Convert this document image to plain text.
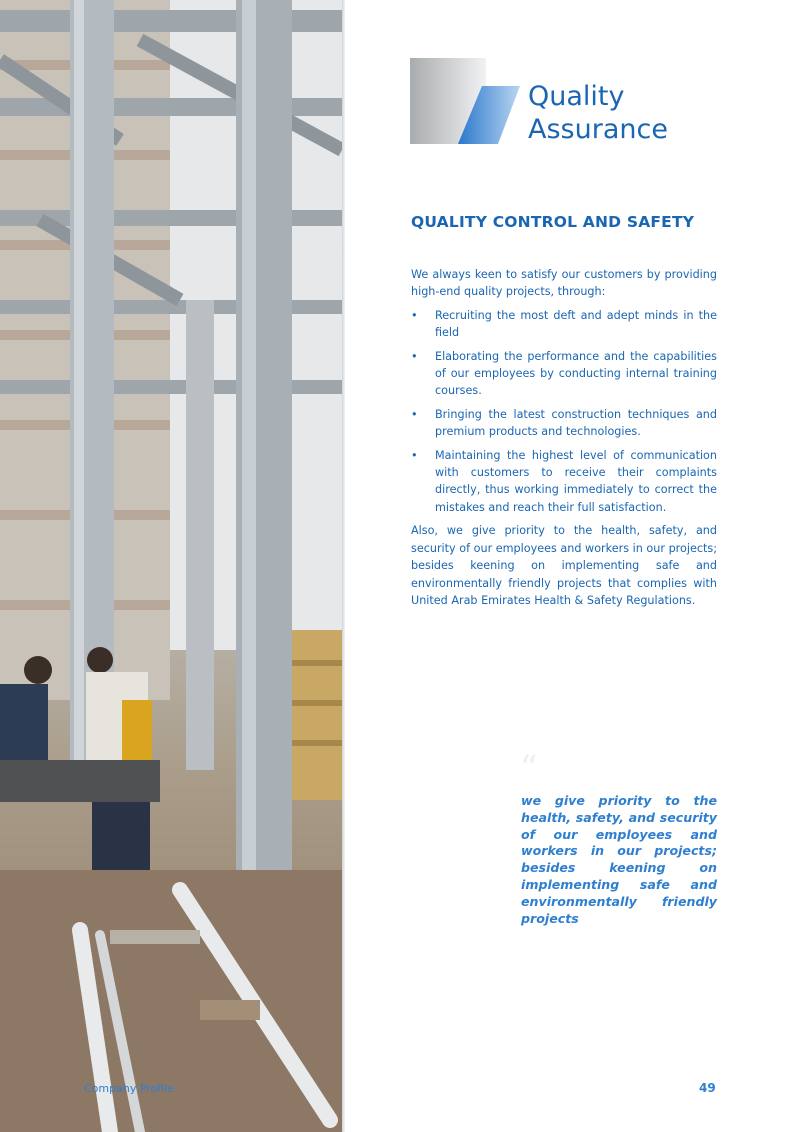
Company Profile
Quality
Assurance
QUALITY CONTROL AND SAFETY

We always keen to satisfy our customers by providing high-end quality projects, through:

• Recruiting the most deft and adept minds in the field
• Elaborating the performance and the capabilities of our employees by conducting internal training courses.
• Bringing the latest construction techniques and premium products and technologies.
• Maintaining the highest level of communication with customers to receive their complaints directly, thus working immediately to correct the mistakes and reach their full satisfaction.

Also, we give priority to the health, safety, and security of our employees and workers in our projects; besides keening on implementing safe and environmentally friendly projects that complies with United Arab Emirates Health & Safety Regulations.

“
we give priority to the health, safety, and security of our employees and workers in our projects; besides keening on implementing safe and environmentally friendly projects
49
